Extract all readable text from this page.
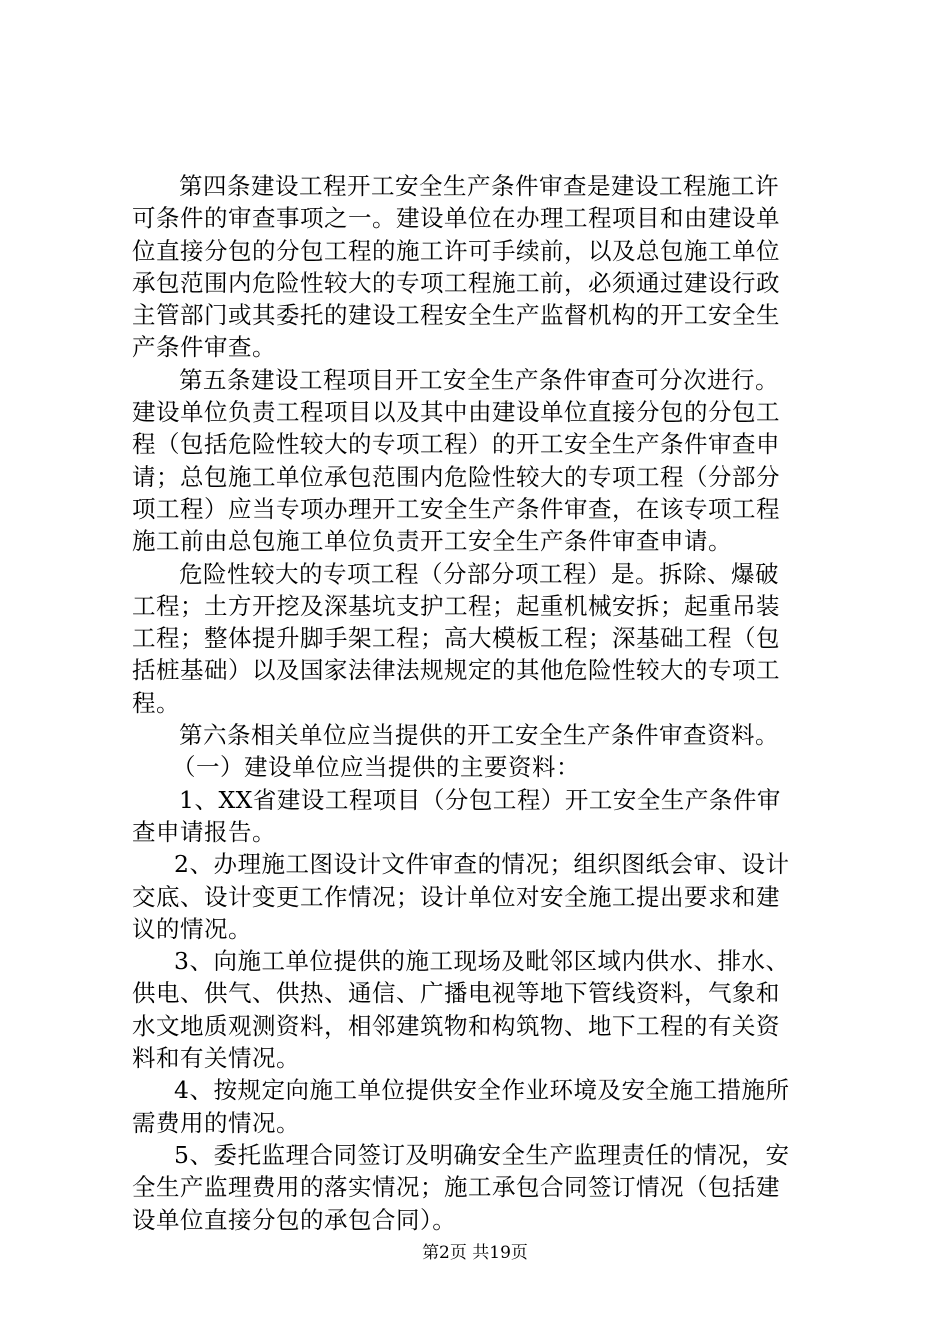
第四条建设工程开工安全生产条件审查是建设工程施工许
可条件的审查事项之一。建设单位在办理工程项目和由建设单
位直接分包的分包工程的施工许可手续前，以及总包施工单位
承包范围内危险性较大的专项工程施工前，必须通过建设行政
主管部门或其委托的建设工程安全生产监督机构的开工安全生
产条件审查。

第五条建设工程项目开工安全生产条件审查可分次进行。
建设单位负责工程项目以及其中由建设单位直接分包的分包工
程（包括危险性较大的专项工程）的开工安全生产条件审查申
请；总包施工单位承包范围内危险性较大的专项工程（分部分
项工程）应当专项办理开工安全生产条件审查，在该专项工程
施工前由总包施工单位负责开工安全生产条件审查申请。

危险性较大的专项工程（分部分项工程）是。拆除、爆破
工程；土方开挖及深基坑支护工程；起重机械安拆；起重吊装
工程；整体提升脚手架工程；高大模板工程；深基础工程（包
括桩基础）以及国家法律法规规定的其他危险性较大的专项工
程。

第六条相关单位应当提供的开工安全生产条件审查资料。

（一）建设单位应当提供的主要资料：

1、XX省建设工程项目（分包工程）开工安全生产条件审
查申请报告。

2、办理施工图设计文件审查的情况；组织图纸会审、设计
交底、设计变更工作情况；设计单位对安全施工提出要求和建
议的情况。

3、向施工单位提供的施工现场及毗邻区域内供水、排水、
供电、供气、供热、通信、广播电视等地下管线资料，气象和
水文地质观测资料，相邻建筑物和构筑物、地下工程的有关资
料和有关情况。

4、按规定向施工单位提供安全作业环境及安全施工措施所
需费用的情况。

5、委托监理合同签订及明确安全生产监理责任的情况，安
全生产监理费用的落实情况；施工承包合同签订情况（包括建
设单位直接分包的承包合同）。

第2页 共19页
